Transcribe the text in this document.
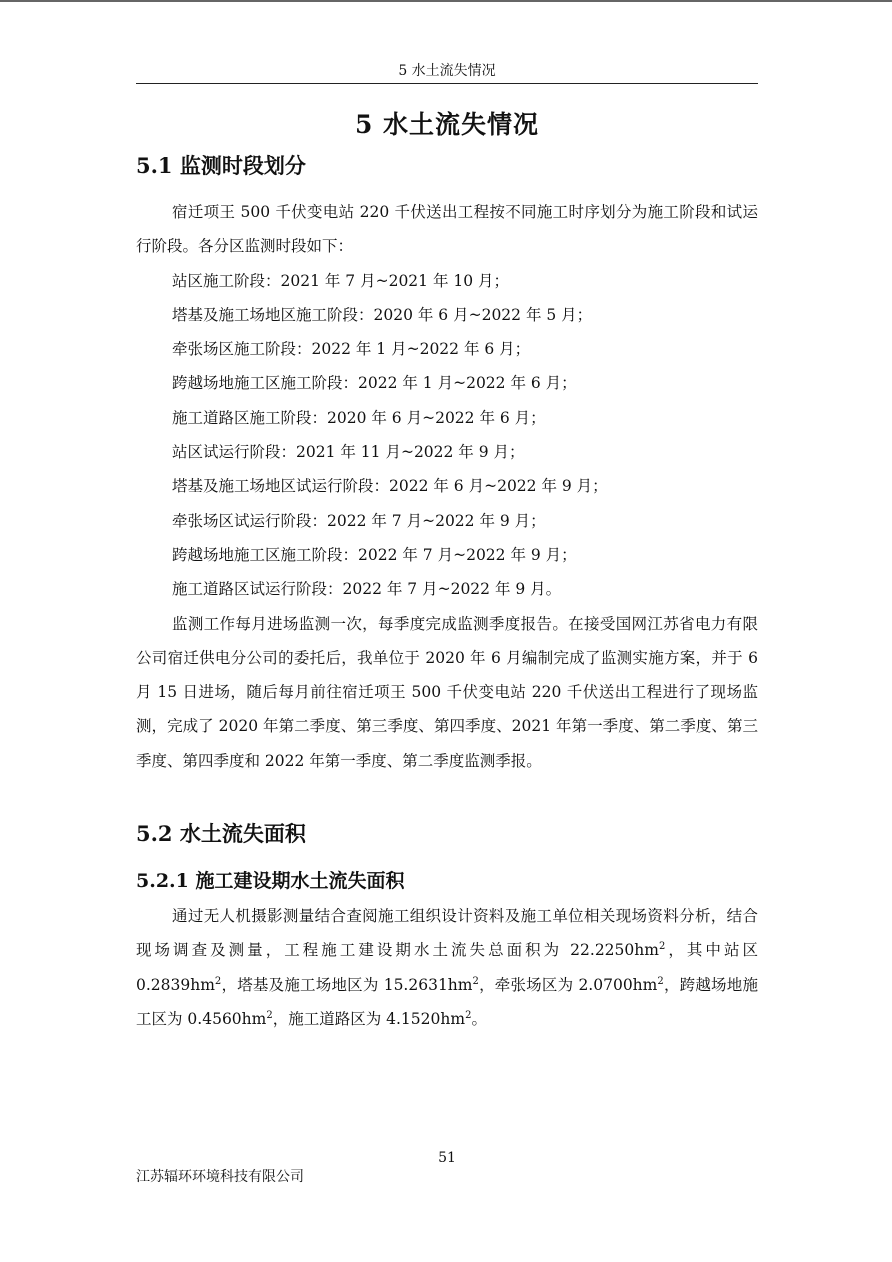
5 水土流失情况
5 水土流失情况
5.1 监测时段划分

宿迁项王 500 千伏变电站 220 千伏送出工程按不同施工时序划分为施工阶段和试运行阶段。各分区监测时段如下：

站区施工阶段：2021 年 7 月~2021 年 10 月；

塔基及施工场地区施工阶段：2020 年 6 月~2022 年 5 月；

牵张场区施工阶段：2022 年 1 月~2022 年 6 月；

跨越场地施工区施工阶段：2022 年 1 月~2022 年 6 月；

施工道路区施工阶段：2020 年 6 月~2022 年 6 月；

站区试运行阶段：2021 年 11 月~2022 年 9 月；

塔基及施工场地区试运行阶段：2022 年 6 月~2022 年 9 月；

牵张场区试运行阶段：2022 年 7 月~2022 年 9 月；

跨越场地施工区施工阶段：2022 年 7 月~2022 年 9 月；

施工道路区试运行阶段：2022 年 7 月~2022 年 9 月。

监测工作每月进场监测一次，每季度完成监测季度报告。在接受国网江苏省电力有限公司宿迁供电分公司的委托后，我单位于 2020 年 6 月编制完成了监测实施方案，并于 6 月 15 日进场，随后每月前往宿迁项王 500 千伏变电站 220 千伏送出工程进行了现场监测，完成了 2020 年第二季度、第三季度、第四季度、2021 年第一季度、第二季度、第三季度、第四季度和 2022 年第一季度、第二季度监测季报。

5.2 水土流失面积
5.2.1 施工建设期水土流失面积

通过无人机摄影测量结合查阅施工组织设计资料及施工单位相关现场资料分析，结合现场调查及测量，工程施工建设期水土流失总面积为 $22.2250hm^2$，其中站区 $0.2839hm^2$，塔基及施工场地区为 $15.2631hm^2$，牵张场区为 $2.0700hm^2$，跨越场地施工区为 $0.4560hm^2$，施工道路区为 $4.1520hm^2$。

51
江苏辐环环境科技有限公司
